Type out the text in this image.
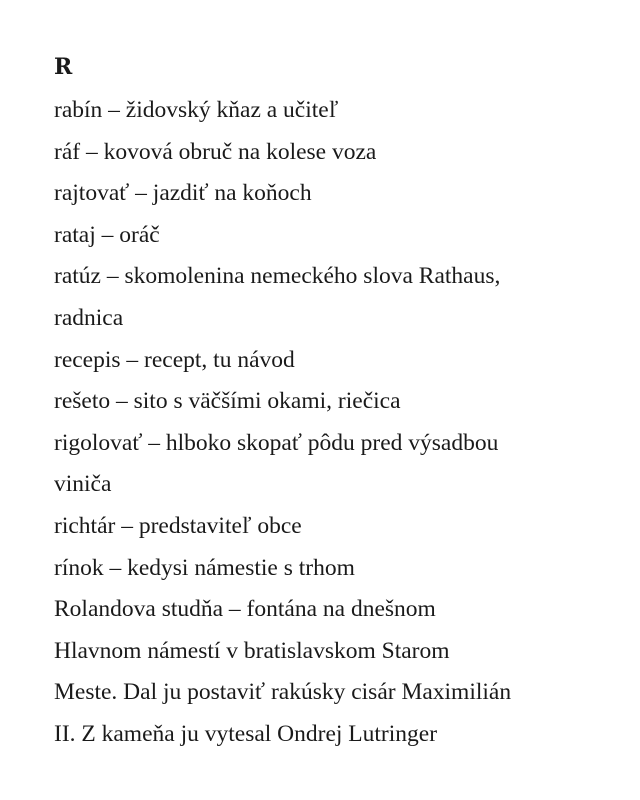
R
rabín – židovský kňaz a učiteľ
ráf – kovová obruč na kolese voza
rajtovať – jazdiť na koňoch
rataj – oráč
ratúz – skomolenina nemeckého slova Rathaus,
radnica
recepis – recept, tu návod
rešeto – sito s väčšími okami, riečica
rigolovať – hlboko skopať pôdu pred výsadbou
viniča
richtár – predstaviteľ obce
rínok – kedysi námestie s trhom
Rolandova studňa – fontána na dnešnom
Hlavnom námestí v bratislavskom Starom
Meste. Dal ju postaviť rakúsky cisár Maximilián
II. Z kameňa ju vytesal Ondrej Lutringer
